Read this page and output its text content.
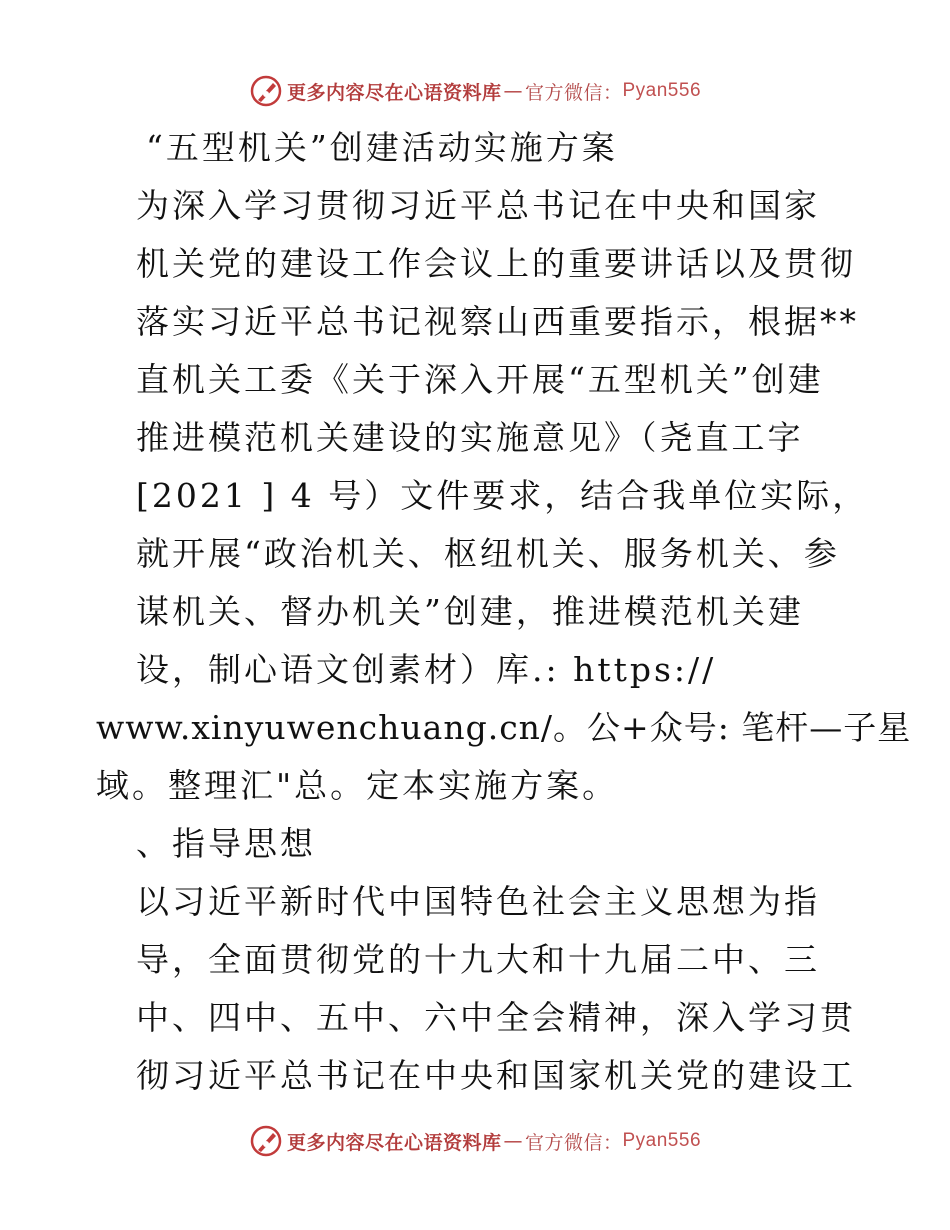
更多内容尽在心语资料库 — 官方微信： Pyan556
“五型机关”创建活动实施方案
为深入学习贯彻习近平总书记在中央和国家
机关党的建设工作会议上的重要讲话以及贯彻
落实习近平总书记视察山西重要指示，根据**
直机关工委《关于深入开展“五型机关”创建
推进模范机关建设的实施意见》（尧直工字
[2021 ] 4 号）文件要求，结合我单位实际，
就开展“政治机关、枢纽机关、服务机关、参
谋机关、督办机关”创建，推进模范机关建
设，制心语文创素材）库.: https://
www.xinyuwenchuang.cn/。公+众号: 笔杆—子星
域。整理汇"总。定本实施方案。
、指导思想
以习近平新时代中国特色社会主义思想为指
导，全面贯彻党的十九大和十九届二中、三
中、四中、五中、六中全会精神，深入学习贯
彻习近平总书记在中央和国家机关党的建设工
更多内容尽在心语资料库 — 官方微信： Pyan556
